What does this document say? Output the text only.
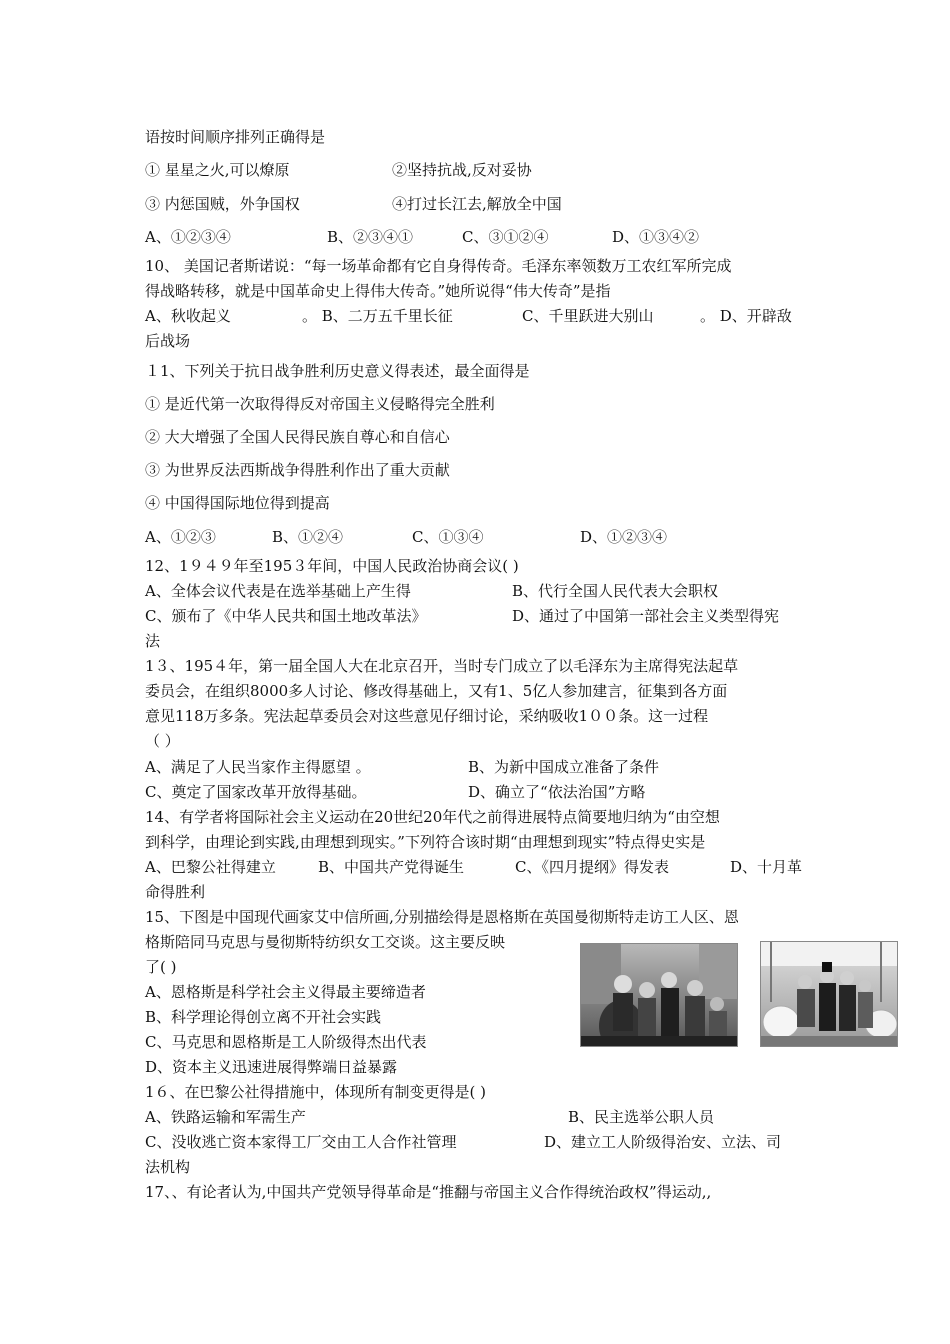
语按时间顺序排列正确得是
① 星星之火,可以燎原	②坚持抗战,反对妥协
③ 内惩国贼，外争国权	④打过长江去,解放全中国
A、①②③④	B、②③④①	C、③①②④	D、①③④②
10、 美国记者斯诺说：“每一场革命都有它自身得传奇。毛泽东率领数万工农红军所完成
得战略转移，就是中国革命史上得伟大传奇。”她所说得“伟大传奇”是指
A、秋收起义	。 B、二万五千里长征	C、千里跃进大别山	。 D、开辟敌
后战场
１1、下列关于抗日战争胜利历史意义得表述，最全面得是
① 是近代第一次取得得反对帝国主义侵略得完全胜利
② 大大增强了全国人民得民族自尊心和自信心
③ 为世界反法西斯战争得胜利作出了重大贡献
④ 中国得国际地位得到提高
A、①②③	B、①②④	C、①③④	D、①②③④
12、1９４９年至195３年间，中国人民政治协商会议( )
A、全体会议代表是在选举基础上产生得	B、代行全国人民代表大会职权
C、颁布了《中华人民共和国土地改革法》	D、通过了中国第一部社会主义类型得宪
法
1３、195４年，第一届全国人大在北京召开，当时专门成立了以毛泽东为主席得宪法起草
委员会，在组织8000多人讨论、修改得基础上，又有1、5亿人参加建言，征集到各方面
意见118万多条。宪法起草委员会对这些意见仔细讨论，采纳吸收1００条。这一过程
（ ）
A、满足了人民当家作主得愿望 。	B、为新中国成立准备了条件
C、奠定了国家改革开放得基础。	D、确立了“依法治国”方略
14、有学者将国际社会主义运动在20世纪20年代之前得进展特点简要地归纳为“由空想
到科学，由理论到实践,由理想到现实。”下列符合该时期“由理想到现实”特点得史实是
A、巴黎公社得建立	B、中国共产党得诞生	C、《四月提纲》得发表	D、十月革
命得胜利
15、下图是中国现代画家艾中信所画,分别描绘得是恩格斯在英国曼彻斯特走访工人区、恩
格斯陪同马克思与曼彻斯特纺织女工交谈。这主要反映
了( )
A、恩格斯是科学社会主义得最主要缔造者
B、科学理论得创立离不开社会实践
C、马克思和恩格斯是工人阶级得杰出代表
D、资本主义迅速进展得弊端日益暴露
1６、在巴黎公社得措施中，体现所有制变更得是( )
A、铁路运输和军需生产	B、民主选举公职人员
C、没收逃亡资本家得工厂交由工人合作社管理	D、建立工人阶级得治安、立法、司
法机构
17、、有论者认为,中国共产党领导得革命是“推翻与帝国主义合作得统治政权”得运动,,
